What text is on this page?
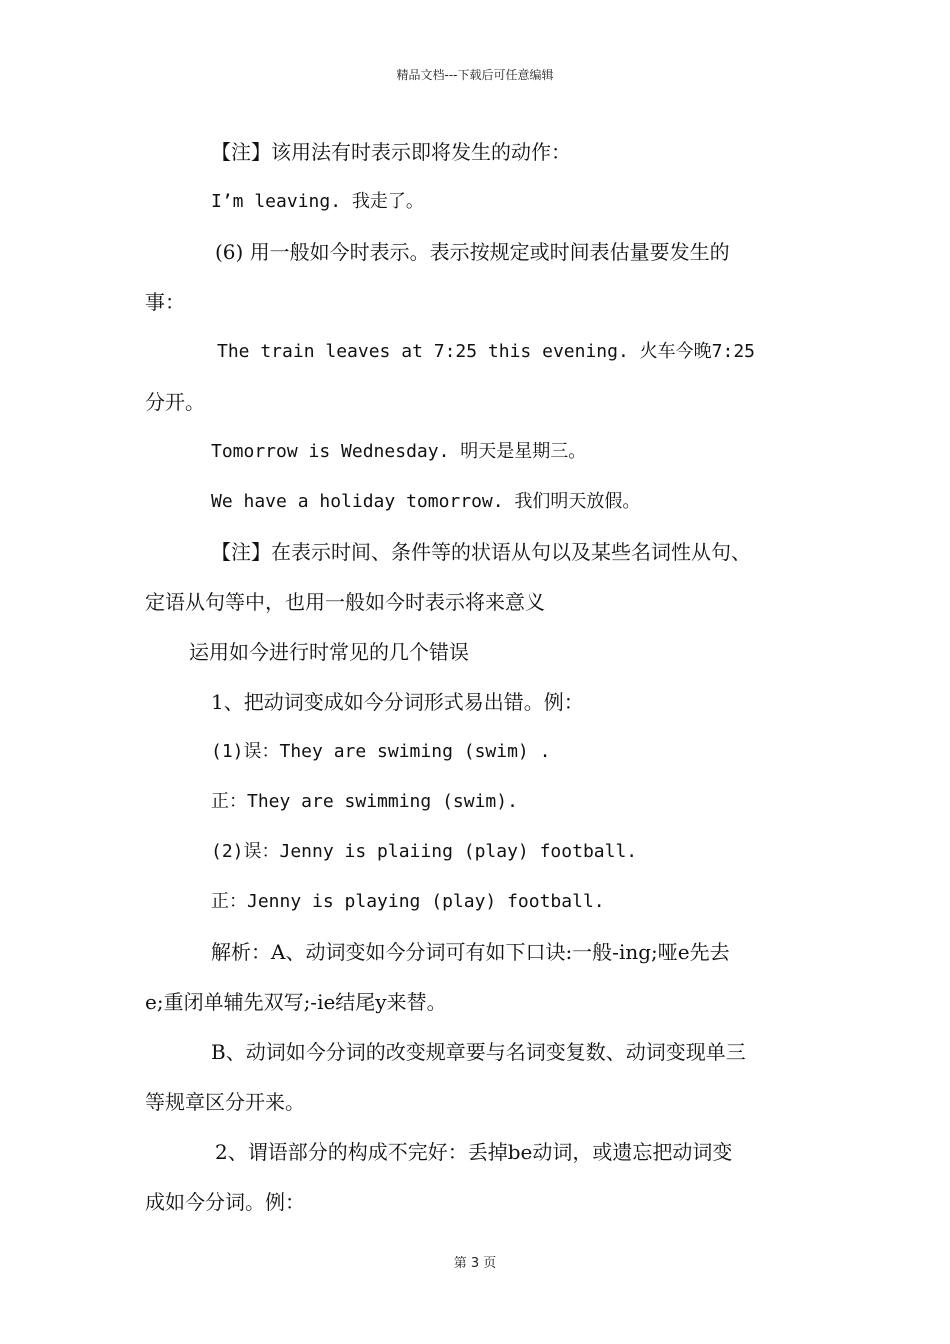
精品文档---下载后可任意编辑
【注】该用法有时表示即将发生的动作：
I’m leaving. 我走了。
(6) 用一般如今时表示。表示按规定或时间表估量要发生的
事：
The train leaves at 7:25 this evening. 火车今晚7:25
分开。
Tomorrow is Wednesday. 明天是星期三。
We have a holiday tomorrow. 我们明天放假。
【注】在表示时间、条件等的状语从句以及某些名词性从句、
定语从句等中，也用一般如今时表示将来意义
运用如今进行时常见的几个错误
1、把动词变成如今分词形式易出错。例：
(1)误：They are swiming (swim) .
正：They are swimming (swim).
(2)误：Jenny is plaiing (play) football.
正：Jenny is playing (play) football.
解析：A、动词变如今分词可有如下口诀:一般-ing;哑e先去
e;重闭单辅先双写;-ie结尾y来替。
B、动词如今分词的改变规章要与名词变复数、动词变现单三
等规章区分开来。
2、谓语部分的构成不完好：丢掉be动词，或遗忘把动词变
成如今分词。例：
第 3 页
